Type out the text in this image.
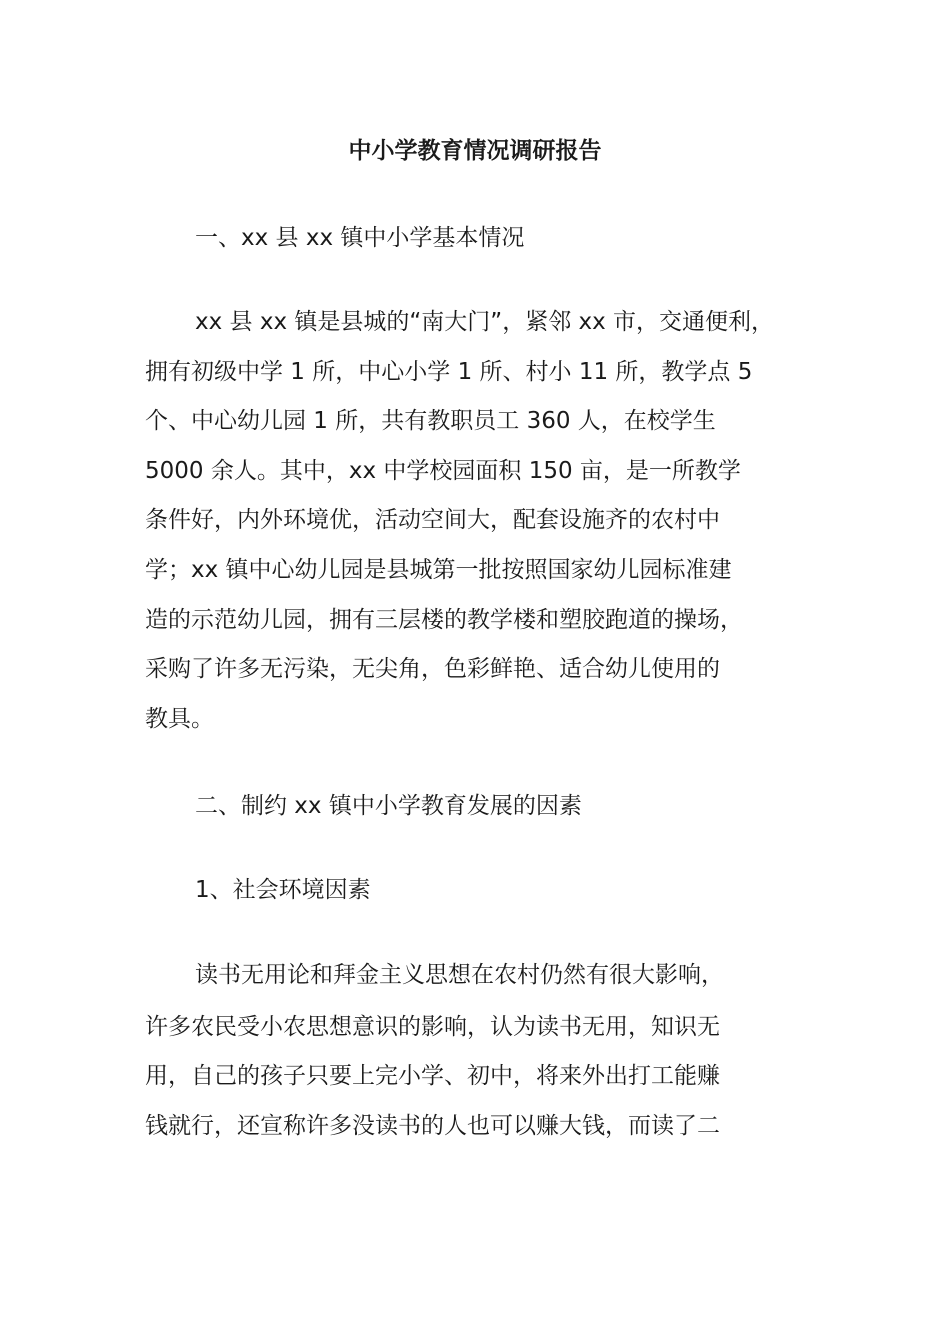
中小学教育情况调研报告
一、xx 县 xx 镇中小学基本情况

xx 县 xx 镇是县城的“南大门”，紧邻 xx 市，交通便利，

拥有初级中学 1 所，中心小学 1 所、村小 11 所，教学点 5

个、中心幼儿园 1 所，共有教职员工 360 人，在校学生

5000 余人。其中，xx 中学校园面积 150 亩，是一所教学

条件好，内外环境优，活动空间大，配套设施齐的农村中

学；xx 镇中心幼儿园是县城第一批按照国家幼儿园标准建

造的示范幼儿园，拥有三层楼的教学楼和塑胶跑道的操场，

采购了许多无污染，无尖角，色彩鲜艳、适合幼儿使用的

教具。

二、制约 xx 镇中小学教育发展的因素
1、社会环境因素

读书无用论和拜金主义思想在农村仍然有很大影响，

许多农民受小农思想意识的影响，认为读书无用，知识无

用，自己的孩子只要上完小学、初中，将来外出打工能赚

钱就行，还宣称许多没读书的人也可以赚大钱，而读了二
